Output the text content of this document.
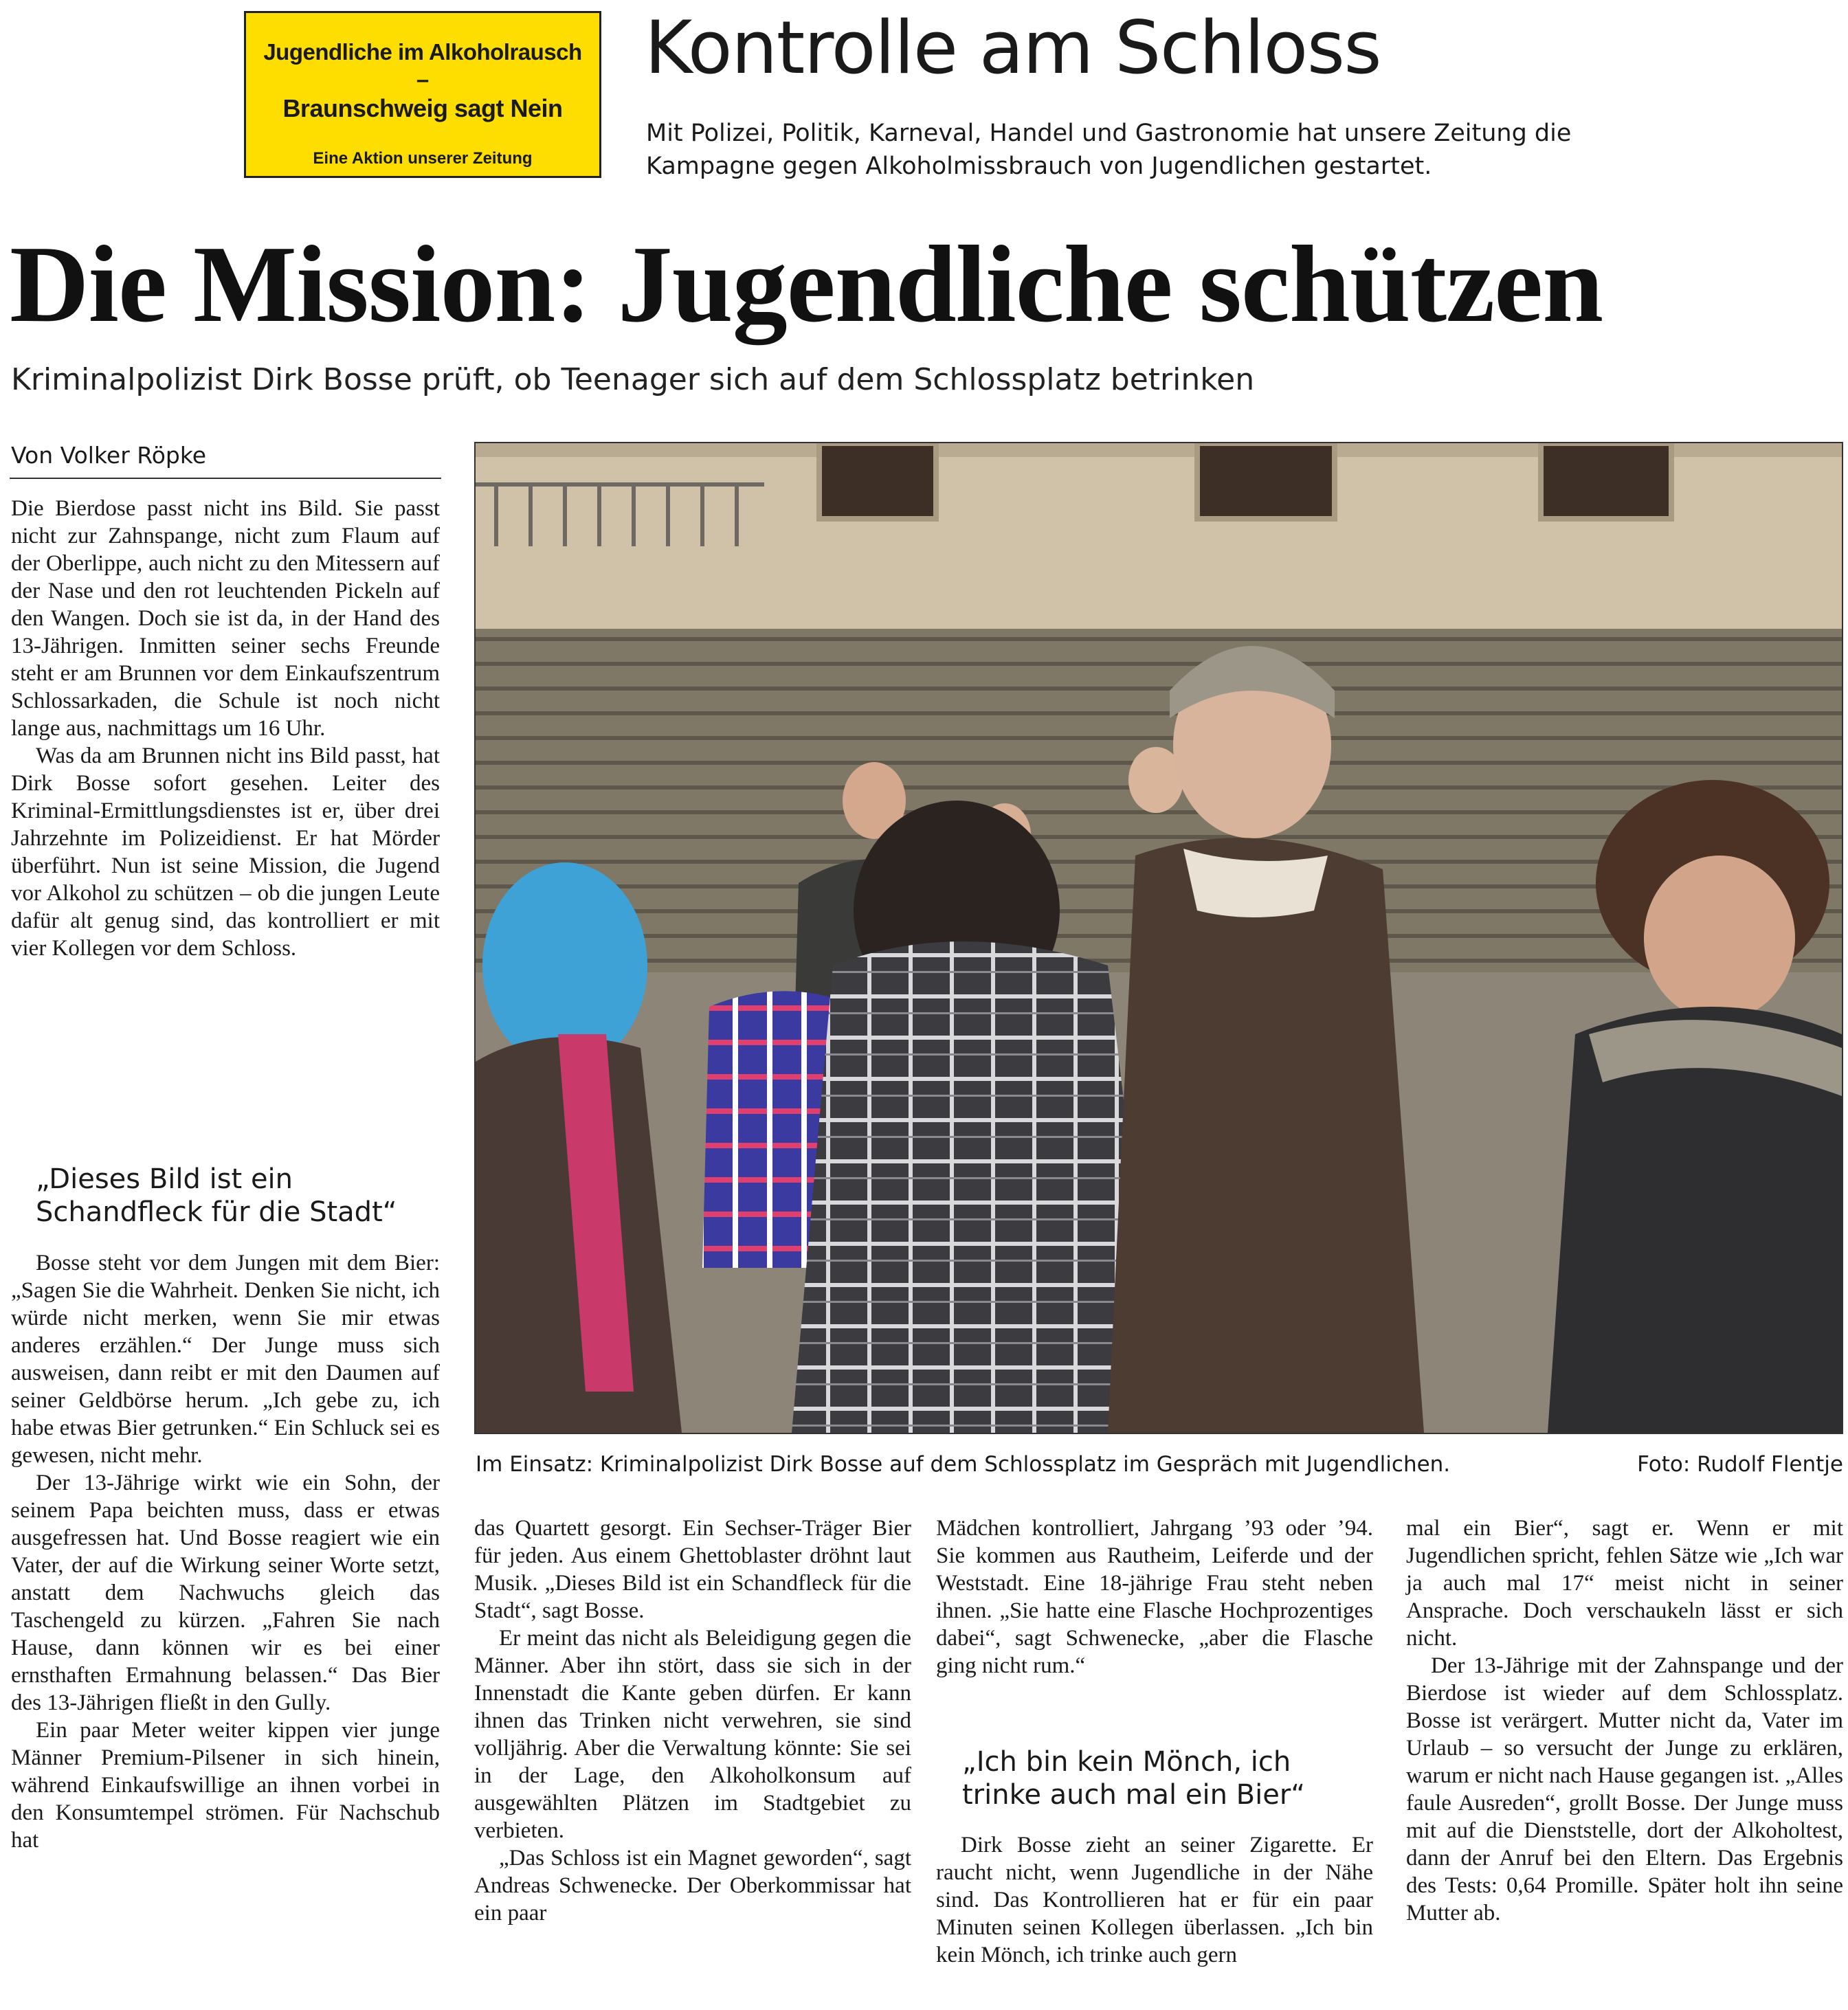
Jugendliche im Alkoholrausch
–
Braunschweig sagt Nein
Eine Aktion unserer Zeitung
Kontrolle am Schloss
Mit Polizei, Politik, Karneval, Handel und Gastronomie hat unsere Zeitung die Kampagne gegen Alkoholmissbrauch von Jugendlichen gestartet.
Die Mission: Jugendliche schützen
Kriminalpolizist Dirk Bosse prüft, ob Teenager sich auf dem Schlossplatz betrinken
Von Volker Röpke

Die Bierdose passt nicht ins Bild. Sie passt nicht zur Zahnspange, nicht zum Flaum auf der Oberlippe, auch nicht zu den Mitessern auf der Nase und den rot leuchtenden Pickeln auf den Wangen. Doch sie ist da, in der Hand des 13-Jährigen. Inmitten seiner sechs Freunde steht er am Brunnen vor dem Einkaufszentrum Schlossarkaden, die Schule ist noch nicht lange aus, nachmittags um 16 Uhr.

Was da am Brunnen nicht ins Bild passt, hat Dirk Bosse sofort gesehen. Leiter des Kriminal-Ermittlungsdienstes ist er, über drei Jahrzehnte im Polizeidienst. Er hat Mörder überführt. Nun ist seine Mission, die Jugend vor Alkohol zu schützen – ob die jungen Leute dafür alt genug sind, das kontrolliert er mit vier Kollegen vor dem Schloss.

„Dieses Bild ist ein Schandfleck für die Stadt“

Bosse steht vor dem Jungen mit dem Bier: „Sagen Sie die Wahrheit. Denken Sie nicht, ich würde nicht merken, wenn Sie mir etwas anderes erzählen.“ Der Junge muss sich ausweisen, dann reibt er mit den Daumen auf seiner Geldbörse herum. „Ich gebe zu, ich habe etwas Bier getrunken.“ Ein Schluck sei es gewesen, nicht mehr.

Der 13-Jährige wirkt wie ein Sohn, der seinem Papa beichten muss, dass er etwas ausgefressen hat. Und Bosse reagiert wie ein Vater, der auf die Wirkung seiner Worte setzt, anstatt dem Nachwuchs gleich das Taschengeld zu kürzen. „Fahren Sie nach Hause, dann können wir es bei einer ernsthaften Ermahnung belassen.“ Das Bier des 13-Jährigen fließt in den Gully.

Ein paar Meter weiter kippen vier junge Männer Premium-Pilsener in sich hinein, während Einkaufswillige an ihnen vorbei in den Konsumtempel strömen. Für Nachschub hat

Im Einsatz: Kriminalpolizist Dirk Bosse auf dem Schlossplatz im Gespräch mit Jugendlichen.	Foto: Rudolf Flentje

das Quartett gesorgt. Ein Sechser-Träger Bier für jeden. Aus einem Ghettoblaster dröhnt laut Musik. „Dieses Bild ist ein Schandfleck für die Stadt“, sagt Bosse.

Er meint das nicht als Beleidigung gegen die Männer. Aber ihn stört, dass sie sich in der Innenstadt die Kante geben dürfen. Er kann ihnen das Trinken nicht verwehren, sie sind volljährig. Aber die Verwaltung könnte: Sie sei in der Lage, den Alkoholkonsum auf ausgewählten Plätzen im Stadtgebiet zu verbieten.

„Das Schloss ist ein Magnet geworden“, sagt Andreas Schwenecke. Der Oberkommissar hat ein paar

Mädchen kontrolliert, Jahrgang ’93 oder ’94. Sie kommen aus Rautheim, Leiferde und der Weststadt. Eine 18-jährige Frau steht neben ihnen. „Sie hatte eine Flasche Hochprozentiges dabei“, sagt Schwenecke, „aber die Flasche ging nicht rum.“

„Ich bin kein Mönch, ich trinke auch mal ein Bier“

Dirk Bosse zieht an seiner Zigarette. Er raucht nicht, wenn Jugendliche in der Nähe sind. Das Kontrollieren hat er für ein paar Minuten seinen Kollegen überlassen. „Ich bin kein Mönch, ich trinke auch gern

mal ein Bier“, sagt er. Wenn er mit Jugendlichen spricht, fehlen Sätze wie „Ich war ja auch mal 17“ meist nicht in seiner Ansprache. Doch verschaukeln lässt er sich nicht.

Der 13-Jährige mit der Zahnspange und der Bierdose ist wieder auf dem Schlossplatz. Bosse ist verärgert. Mutter nicht da, Vater im Urlaub – so versucht der Junge zu erklären, warum er nicht nach Hause gegangen ist. „Alles faule Ausreden“, grollt Bosse. Der Junge muss mit auf die Dienststelle, dort der Alkoholtest, dann der Anruf bei den Eltern. Das Ergebnis des Tests: 0,64 Promille. Später holt ihn seine Mutter ab.
